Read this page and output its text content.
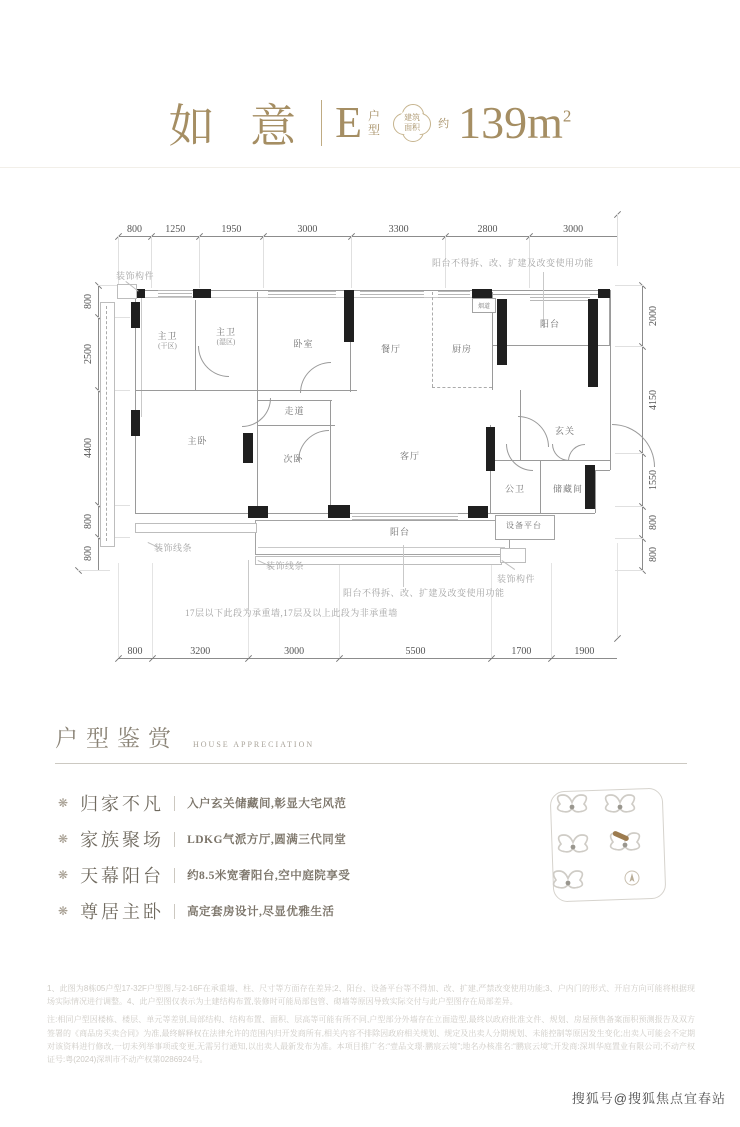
如 意 E 户
型
建筑
面积 约 $139m^2$
800 1250	1950	3000	3300	2800	3000
800	3200	3000	5500	1700	1900
800
2500
4400
800
800
2000
4150
1550
800
800
主卫
(干区)
主卫
(湿区)	卧室	餐厅	厨房
阳台
玄关
走道
主卧
次卧	客厅
公卫	储藏间
设备平台
阳台
烟道
阳台不得拆、改、扩建及改变使用功能
阳台不得拆、改、扩建及改变使用功能
17层以下此段为承重墙,17层及以上此段为非承重墙
装饰构件
装饰构件
装饰线条
装饰线条
户型鉴赏 HOUSE APPRECIATION
❋ 归家不凡 入户玄关储藏间,彰显大宅风范
❋ 家族聚场 LDKG气派方厅,圆满三代同堂
❋ 天幕阳台 约8.5米宽奢阳台,空中庭院享受
❋ 尊居主卧 高定套房设计,尽显优雅生活

1、此图为8栋05户型17-32F户型图,与2-16F在承重墙、柱、尺寸等方面存在差异;2、阳台、设备平台等不得加、改、扩建,严禁改变使用功能;3、户内门的形式、开启方向可能将根据现场实际情况进行调整。4、此户型图仅表示为土建结构布置,装修时可能局部包管、砌墙等原因导致实际交付与此户型图存在局部差异。

注:相同户型因楼栋、楼层、单元等差别,局部结构、结构布置、面积、层高等可能有所不同,户型部分外墙存在立面造型,最终以政府批准文件、规划、房屋预售备案面积预测报告及双方签署的《商品房买卖合同》为准,最终解释权在法律允许的范围内归开发商所有,相关内容不排除因政府相关规划、规定及出卖人分期规划、未能控制等原因发生变化;出卖人可能会不定期对该资料进行修改,一切未列举事项或变更,无需另行通知,以出卖人最新发布为准。本项目推广名:“壹品文璟·鹏宸云境”;地名办核准名:“鹏宸云境”;开发商:深圳华庭置业有限公司;不动产权证号:粤(2024)深圳市不动产权第0286924号。

搜狐号@搜狐焦点宜春站
